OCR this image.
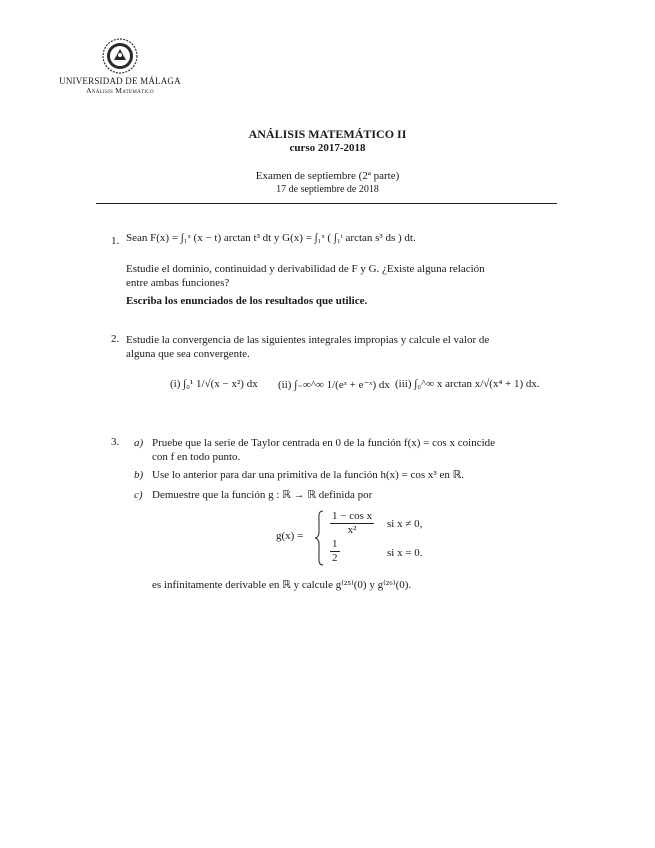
UNIVERSIDAD DE MÁLAGA
Análisis Matemático
ANÁLISIS MATEMÁTICO II
curso 2017-2018
Examen de septiembre (2ª parte)
17 de septiembre de 2018
1. Sean F(x) = ∫₁ˣ (x − t) arctan t³ dt y G(x) = ∫₁ˣ ( ∫₁ᵗ arctan s³ ds ) dt.
Estudie el dominio, continuidad y derivabilidad de F y G. ¿Existe alguna relación
entre ambas funciones?
Escriba los enunciados de los resultados que utilice.
2. Estudie la convergencia de las siguientes integrales impropias y calcule el valor de
alguna que sea convergente.
(i) ∫₀¹ 1/√(x − x²) dx (ii) ∫₋∞^∞ 1/(eˣ + e⁻ˣ) dx (iii) ∫₀^∞ x arctan x/√(x⁴ + 1) dx.
3. a) Pruebe que la serie de Taylor centrada en 0 de la función f(x) = cos x coincide
con f en todo punto.
b) Use lo anterior para dar una primitiva de la función h(x) = cos x³ en ℝ.
c) Demuestre que la función g : ℝ → ℝ definida por
$g(x) = \frac{\text{1 − cos x}}{\text{x²}}$ si x ≠ 0,
$\frac{1}{2}$	si x = 0.
es infinitamente derivable en ℝ y calcule g⁽²⁵⁾(0) y g⁽²⁶⁾(0).
